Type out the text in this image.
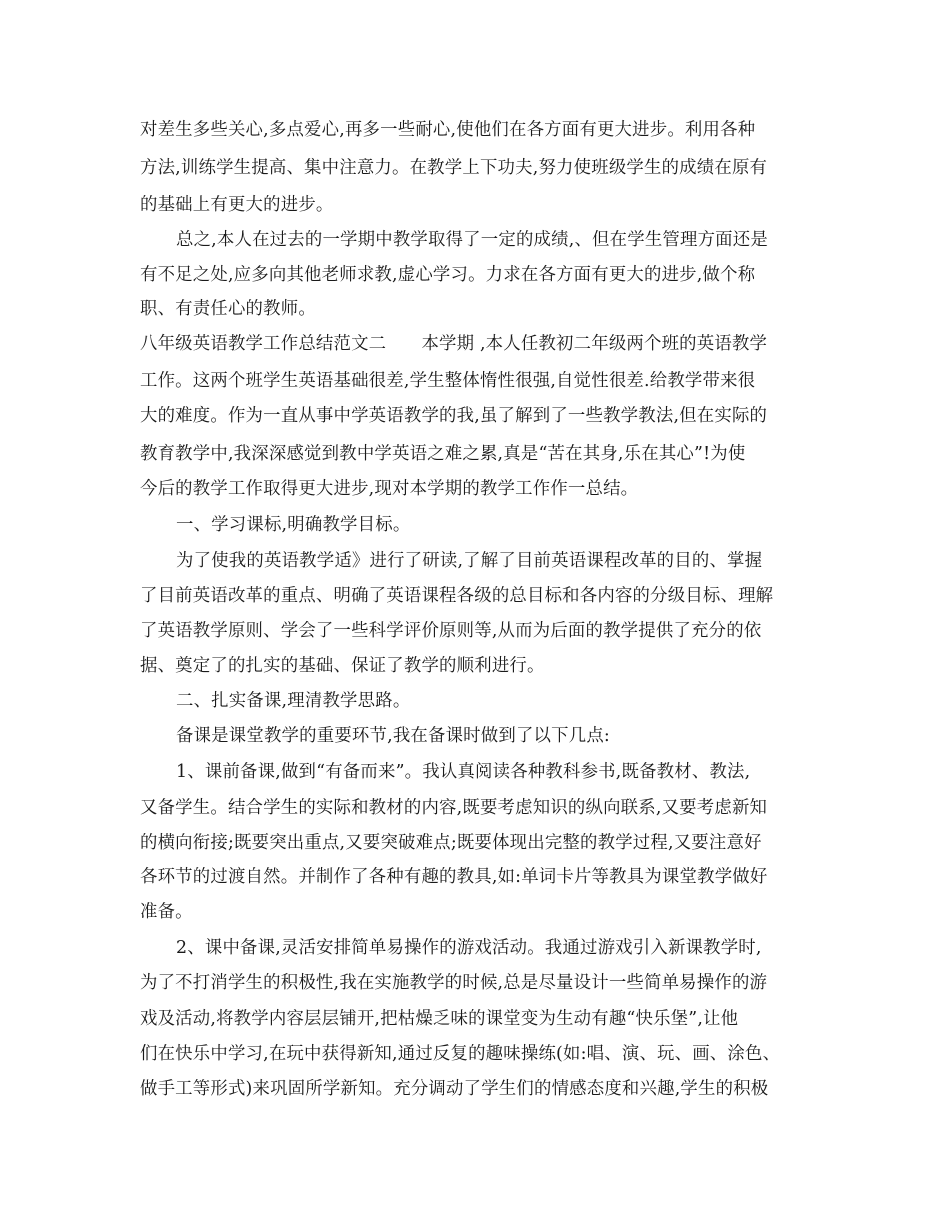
对差生多些关心,多点爱心,再多一些耐心,使他们在各方面有更大进步。利用各种
方法,训练学生提高、集中注意力。在教学上下功夫,努力使班级学生的成绩在原有
的基础上有更大的进步。
总之,本人在过去的一学期中教学取得了一定的成绩,、但在学生管理方面还是
有不足之处,应多向其他老师求教,虚心学习。力求在各方面有更大的进步,做个称
职、有责任心的教师。
八年级英语教学工作总结范文二　　本学期 ,本人任教初二年级两个班的英语教学
工作。这两个班学生英语基础很差,学生整体惰性很强,自觉性很差.给教学带来很
大的难度。作为一直从事中学英语教学的我,虽了解到了一些教学教法,但在实际的
教育教学中,我深深感觉到教中学英语之难之累,真是“苦在其身,乐在其心”!为使
今后的教学工作取得更大进步,现对本学期的教学工作作一总结。
一、学习课标,明确教学目标。
为了使我的英语教学适》进行了研读,了解了目前英语课程改革的目的、掌握
了目前英语改革的重点、明确了英语课程各级的总目标和各内容的分级目标、理解
了英语教学原则、学会了一些科学评价原则等,从而为后面的教学提供了充分的依
据、奠定了的扎实的基础、保证了教学的顺利进行。
二、扎实备课,理清教学思路。
备课是课堂教学的重要环节,我在备课时做到了以下几点:
1、课前备课,做到“有备而来”。我认真阅读各种教科参书,既备教材、教法,
又备学生。结合学生的实际和教材的内容,既要考虑知识的纵向联系,又要考虑新知
的横向衔接;既要突出重点,又要突破难点;既要体现出完整的教学过程,又要注意好
各环节的过渡自然。并制作了各种有趣的教具,如:单词卡片等教具为课堂教学做好
准备。
2、课中备课,灵活安排简单易操作的游戏活动。我通过游戏引入新课教学时,
为了不打消学生的积极性,我在实施教学的时候,总是尽量设计一些简单易操作的游
戏及活动,将教学内容层层铺开,把枯燥乏味的课堂变为生动有趣“快乐堡”,让他
们在快乐中学习,在玩中获得新知,通过反复的趣味操练(如:唱、演、玩、画、涂色、
做手工等形式)来巩固所学新知。充分调动了学生们的情感态度和兴趣,学生的积极
